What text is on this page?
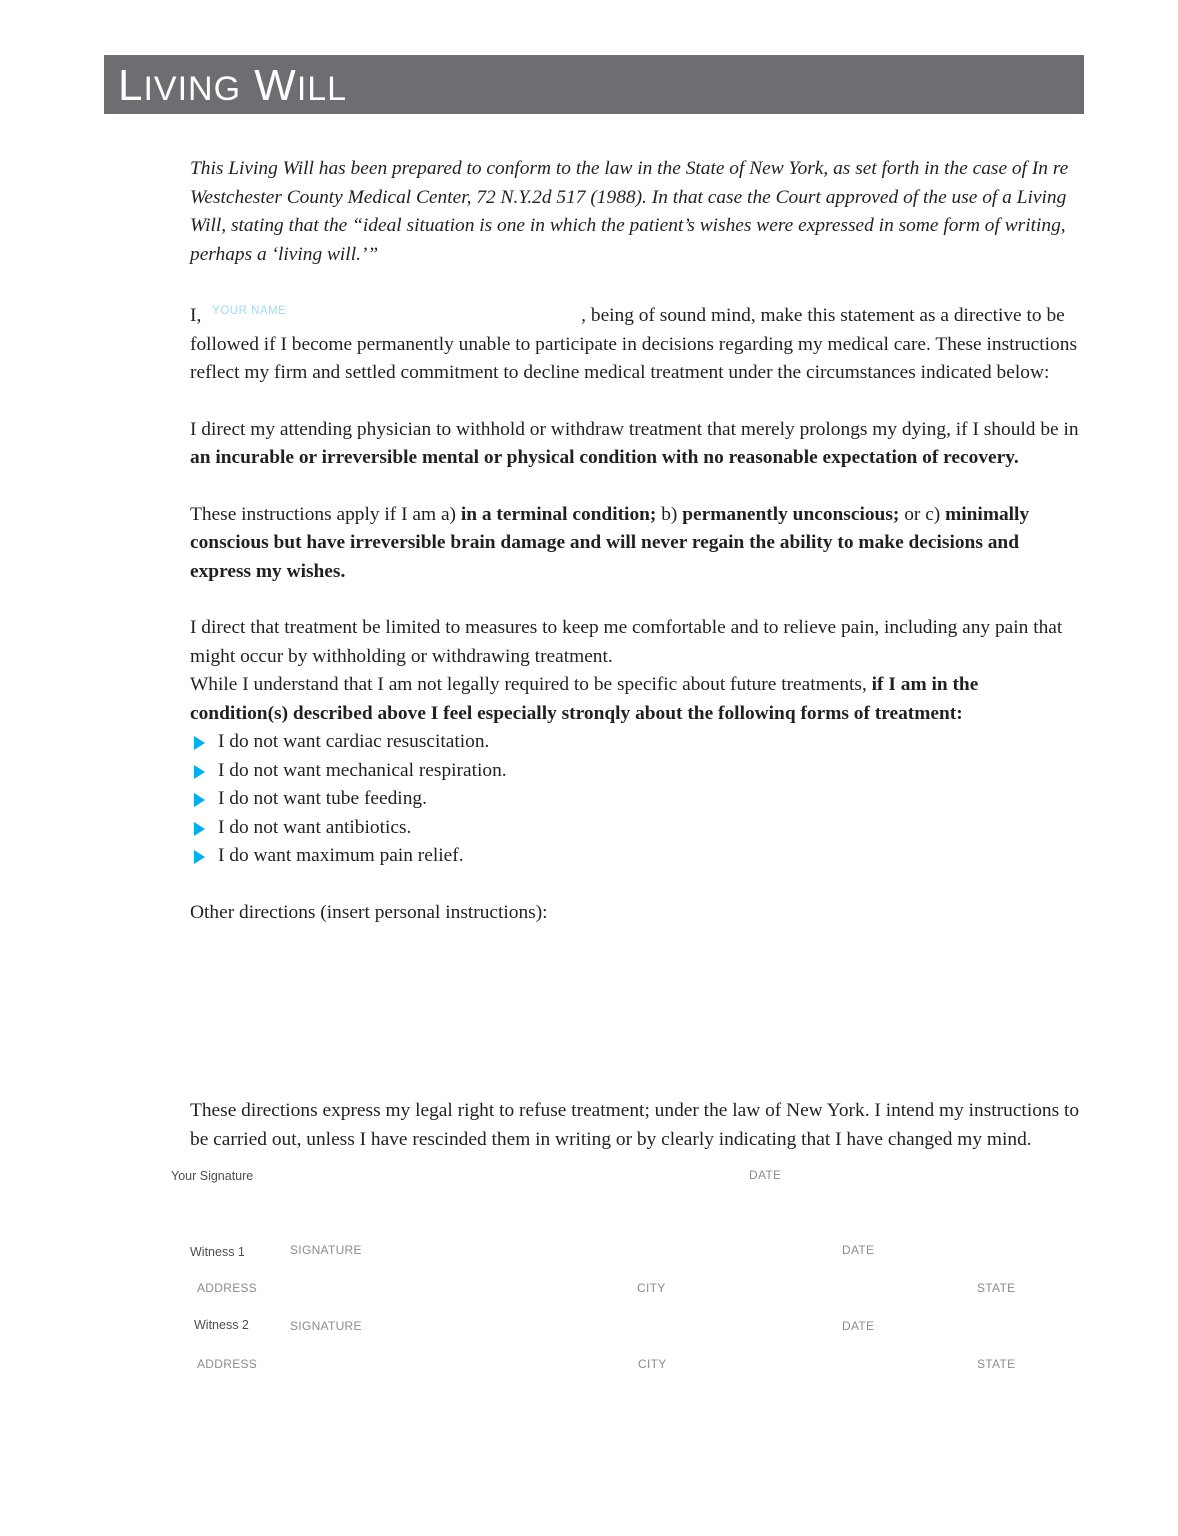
LIVING WILL

This Living Will has been prepared to conform to the law in the State of New York, as set forth in the case of In re Westchester County Medical Center, 72 N.Y.2d 517 (1988). In that case the Court approved of the use of a Living Will, stating that the “ideal situation is one in which the patient’s wishes were expressed in some form of writing, perhaps a ‘living will.’”

I, YOUR NAME	, being of sound mind, make this statement as a directive to be followed if I become permanently unable to participate in decisions regarding my medical care. These instructions reflect my firm and settled commitment to decline medical treatment under the circumstances indicated below:

I direct my attending physician to withhold or withdraw treatment that merely prolongs my dying, if I should be in an incurable or irreversible mental or physical condition with no reasonable expectation of recovery.

These instructions apply if I am a) in a terminal condition; b) permanently unconscious; or c) minimally conscious but have irreversible brain damage and will never regain the ability to make decisions and express my wishes.

I direct that treatment be limited to measures to keep me comfortable and to relieve pain, including any pain that might occur by withholding or withdrawing treatment.
While I understand that I am not legally required to be specific about future treatments, if I am in the condition(s) described above I feel especially stronqly about the followinq forms of treatment:
I do not want cardiac resuscitation.
I do not want mechanical respiration.
I do not want tube feeding.
I do not want antibiotics.
I do want maximum pain relief.
Other directions (insert personal instructions):

These directions express my legal right to refuse treatment; under the law of New York. I intend my instructions to be carried out, unless I have rescinded them in writing or by clearly indicating that I have changed my mind.

Your Signature	DATE
Witness 1	SIGNATURE	DATE
ADDRESS	CITY	STATE
Witness 2	SIGNATURE	DATE
ADDRESS	CITY	STATE
